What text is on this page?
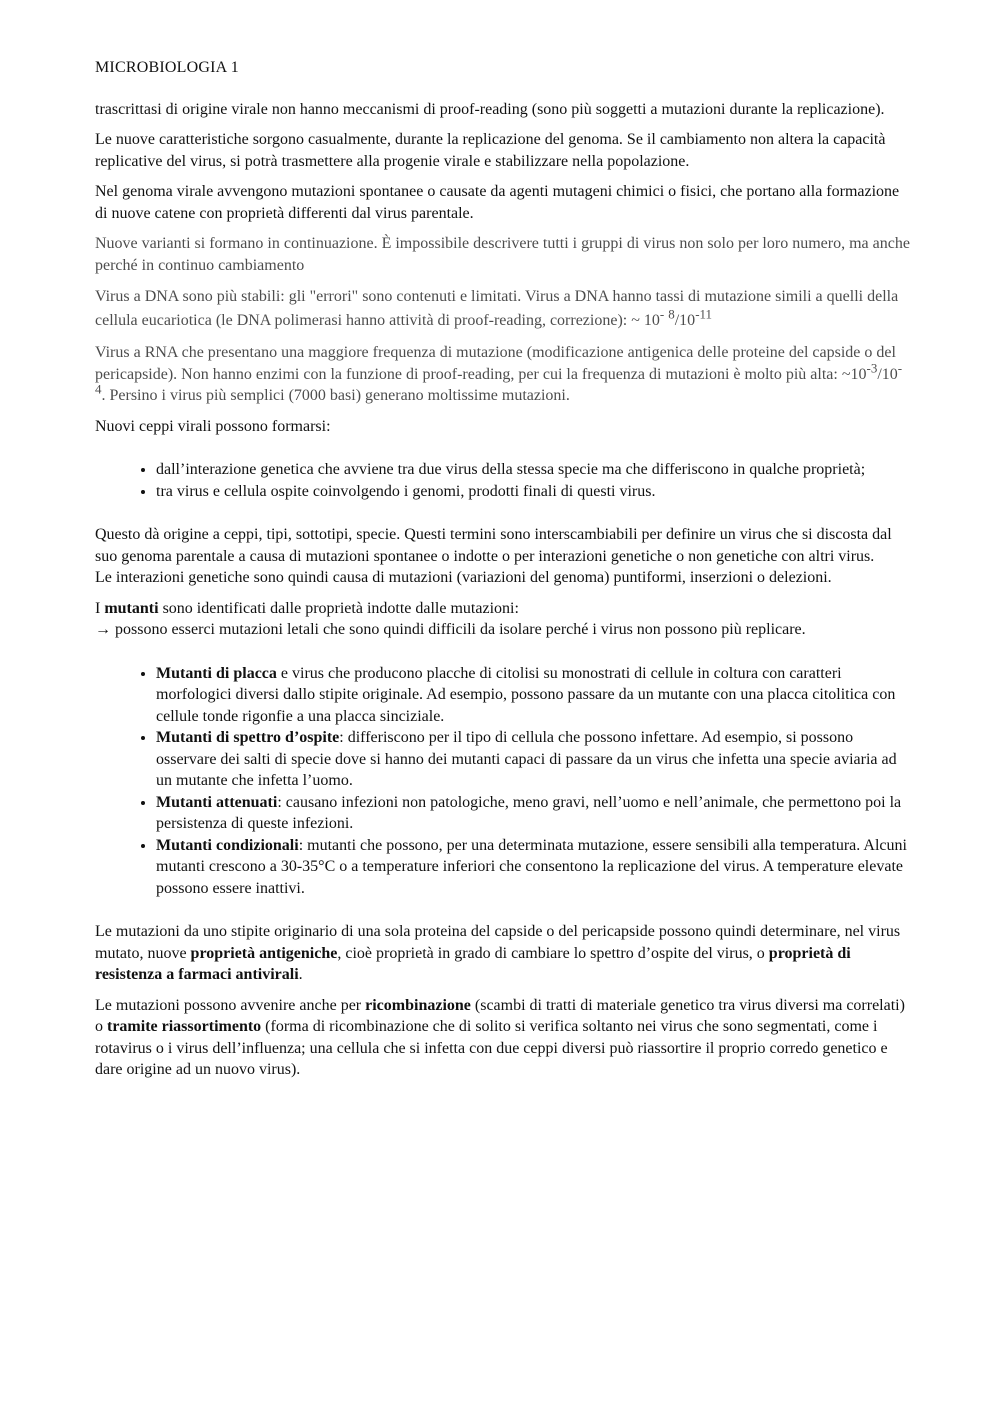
MICROBIOLOGIA 1

trascrittasi di origine virale non hanno meccanismi di proof-reading (sono più soggetti a mutazioni durante la replicazione).

Le nuove caratteristiche sorgono casualmente, durante la replicazione del genoma. Se il cambiamento non altera la capacità replicative del virus, si potrà trasmettere alla progenie virale e stabilizzare nella popolazione.

Nel genoma virale avvengono mutazioni spontanee o causate da agenti mutageni chimici o fisici, che portano alla formazione di nuove catene con proprietà differenti dal virus parentale.

Nuove varianti si formano in continuazione. È impossibile descrivere tutti i gruppi di virus non solo per loro numero, ma anche perché in continuo cambiamento

Virus a DNA sono più stabili: gli "errori" sono contenuti e limitati. Virus a DNA hanno tassi di mutazione simili a quelli della cellula eucariotica (le DNA polimerasi hanno attività di proof-reading, correzione): ~ 10- $^8/10^{-11}$

Virus a RNA che presentano una maggiore frequenza di mutazione (modificazione antigenica delle proteine del capside o del pericapside). Non hanno enzimi con la funzione di proof-reading, per cui la frequenza di mutazioni è molto più alta: $\sim 10^{-3}/10^{-4}$. Persino i virus più semplici (7000 basi) generano moltissime mutazioni.

Nuovi ceppi virali possono formarsi:

• dall’interazione genetica che avviene tra due virus della stessa specie ma che differiscono in qualche proprietà;
• tra virus e cellula ospite coinvolgendo i genomi, prodotti finali di questi virus.

Questo dà origine a ceppi, tipi, sottotipi, specie. Questi termini sono interscambiabili per definire un virus che si discosta dal suo genoma parentale a causa di mutazioni spontanee o indotte o per interazioni genetiche o non genetiche con altri virus.

Le interazioni genetiche sono quindi causa di mutazioni (variazioni del genoma) puntiformi, inserzioni o delezioni.

I mutanti sono identificati dalle proprietà indotte dalle mutazioni:
→ possono esserci mutazioni letali che sono quindi difficili da isolare perché i virus non possono più replicare.

• Mutanti di placca e virus che producono placche di citolisi su monostrati di cellule in coltura con caratteri morfologici diversi dallo stipite originale. Ad esempio, possono passare da un mutante con una placca citolitica con cellule tonde rigonfie a una placca sinciziale.
• Mutanti di spettro d’ospite: differiscono per il tipo di cellula che possono infettare. Ad esempio, si possono osservare dei salti di specie dove si hanno dei mutanti capaci di passare da un virus che infetta una specie aviaria ad un mutante che infetta l’uomo.
• Mutanti attenuati: causano infezioni non patologiche, meno gravi, nell’uomo e nell’animale, che permettono poi la persistenza di queste infezioni.
• Mutanti condizionali: mutanti che possono, per una determinata mutazione, essere sensibili alla temperatura. Alcuni mutanti crescono a 30-35°C o a temperature inferiori che consentono la replicazione del virus. A temperature elevate possono essere inattivi.

Le mutazioni da uno stipite originario di una sola proteina del capside o del pericapside possono quindi determinare, nel virus mutato, nuove proprietà antigeniche, cioè proprietà in grado di cambiare lo spettro d’ospite del virus, o proprietà di resistenza a farmaci antivirali.

Le mutazioni possono avvenire anche per ricombinazione (scambi di tratti di materiale genetico tra virus diversi ma correlati) o tramite riassortimento (forma di ricombinazione che di solito si verifica soltanto nei virus che sono segmentati, come i rotavirus o i virus dell’influenza; una cellula che si infetta con due ceppi diversi può riassortire il proprio corredo genetico e dare origine ad un nuovo virus).
